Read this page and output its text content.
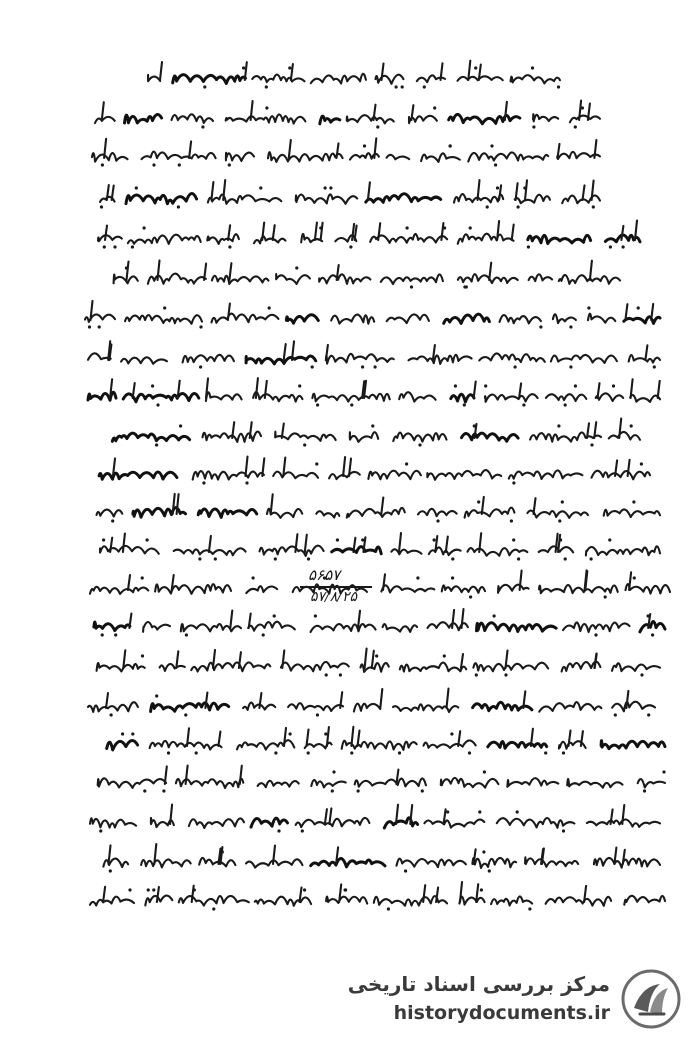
۵۶۵۷
۵۷/۸/۲۵
مرکز بررسی اسناد تاریخی
historydocuments.ir
